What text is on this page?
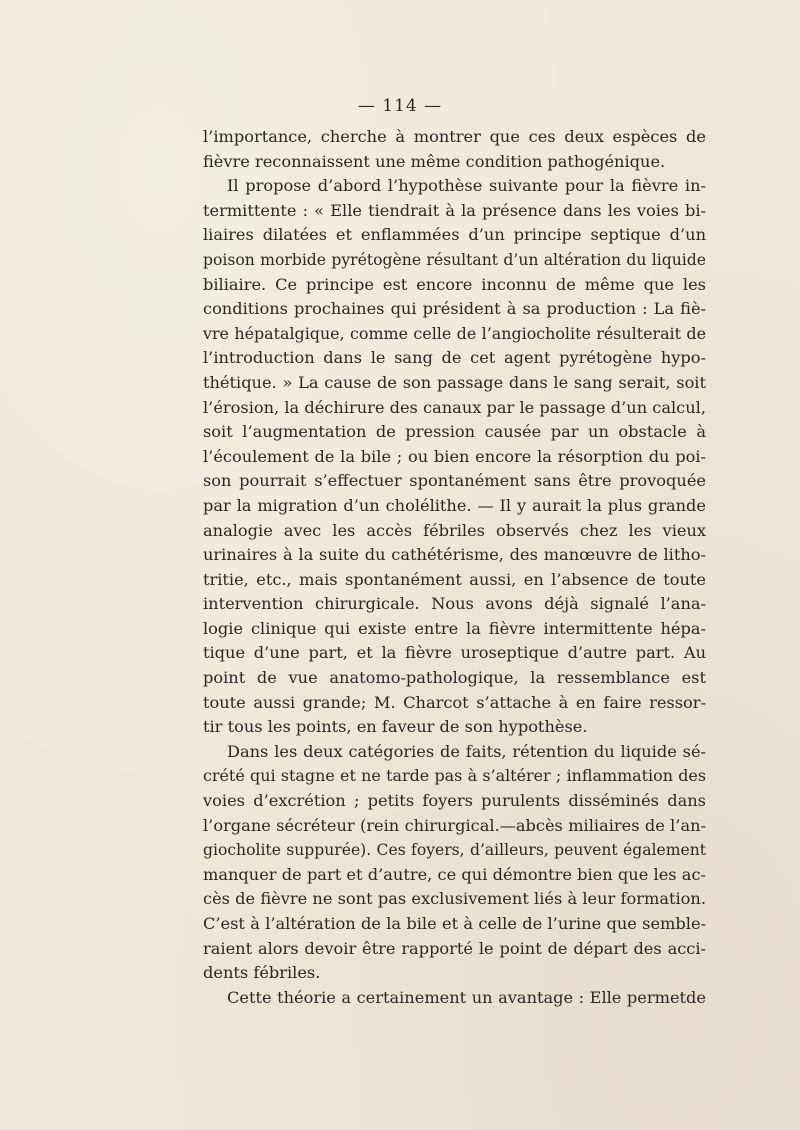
— 114 —

l’importance, cherche à montrer que ces deux espèces de

fièvre reconnaissent une même condition pathogénique.

Il propose d’abord l’hypothèse suivante pour la fièvre in-

termittente : « Elle tiendrait à la présence dans les voies bi-

liaires dilatées et enflammées d’un principe septique d’un

poison morbide pyrétogène résultant d’un altération du liquide

biliaire. Ce principe est encore inconnu de même que les

conditions prochaines qui président à sa production : La fiè-

vre hépatalgique, comme celle de l’angiocholite résulterait de

l’introduction dans le sang de cet agent pyrétogène hypo-

thétique. » La cause de son passage dans le sang serait, soit

l’érosion, la déchirure des canaux par le passage d’un calcul,

soit l’augmentation de pression causée par un obstacle à

l’écoulement de la bile ; ou bien encore la résorption du poi-

son pourrait s’effectuer spontanément sans être provoquée

par la migration d’un cholélithe. — Il y aurait la plus grande

analogie avec les accès fébriles observés chez les vieux

urinaires à la suite du cathétérisme, des manœuvre de litho-

tritie, etc., mais spontanément aussi, en l’absence de toute

intervention chirurgicale. Nous avons déjà signalé l’ana-

logie clinique qui existe entre la fièvre intermittente hépa-

tique d’une part, et la fièvre uroseptique d’autre part. Au

point de vue anatomo-pathologique, la ressemblance est

toute aussi grande; M. Charcot s’attache à en faire ressor-

tir tous les points, en faveur de son hypothèse.

Dans les deux catégories de faits, rétention du liquide sé-

crété qui stagne et ne tarde pas à s’altérer ; inflammation des

voies d’excrétion ; petits foyers purulents disséminés dans

l’organe sécréteur (rein chirurgical.—abcès miliaires de l’an-

giocholite suppurée). Ces foyers, d’ailleurs, peuvent également

manquer de part et d’autre, ce qui démontre bien que les ac-

cès de fièvre ne sont pas exclusivement liés à leur formation.

C’est à l’altération de la bile et à celle de l’urine que semble-

raient alors devoir être rapporté le point de départ des acci-

dents fébriles.

Cette théorie a certainement un avantage : Elle permetde
